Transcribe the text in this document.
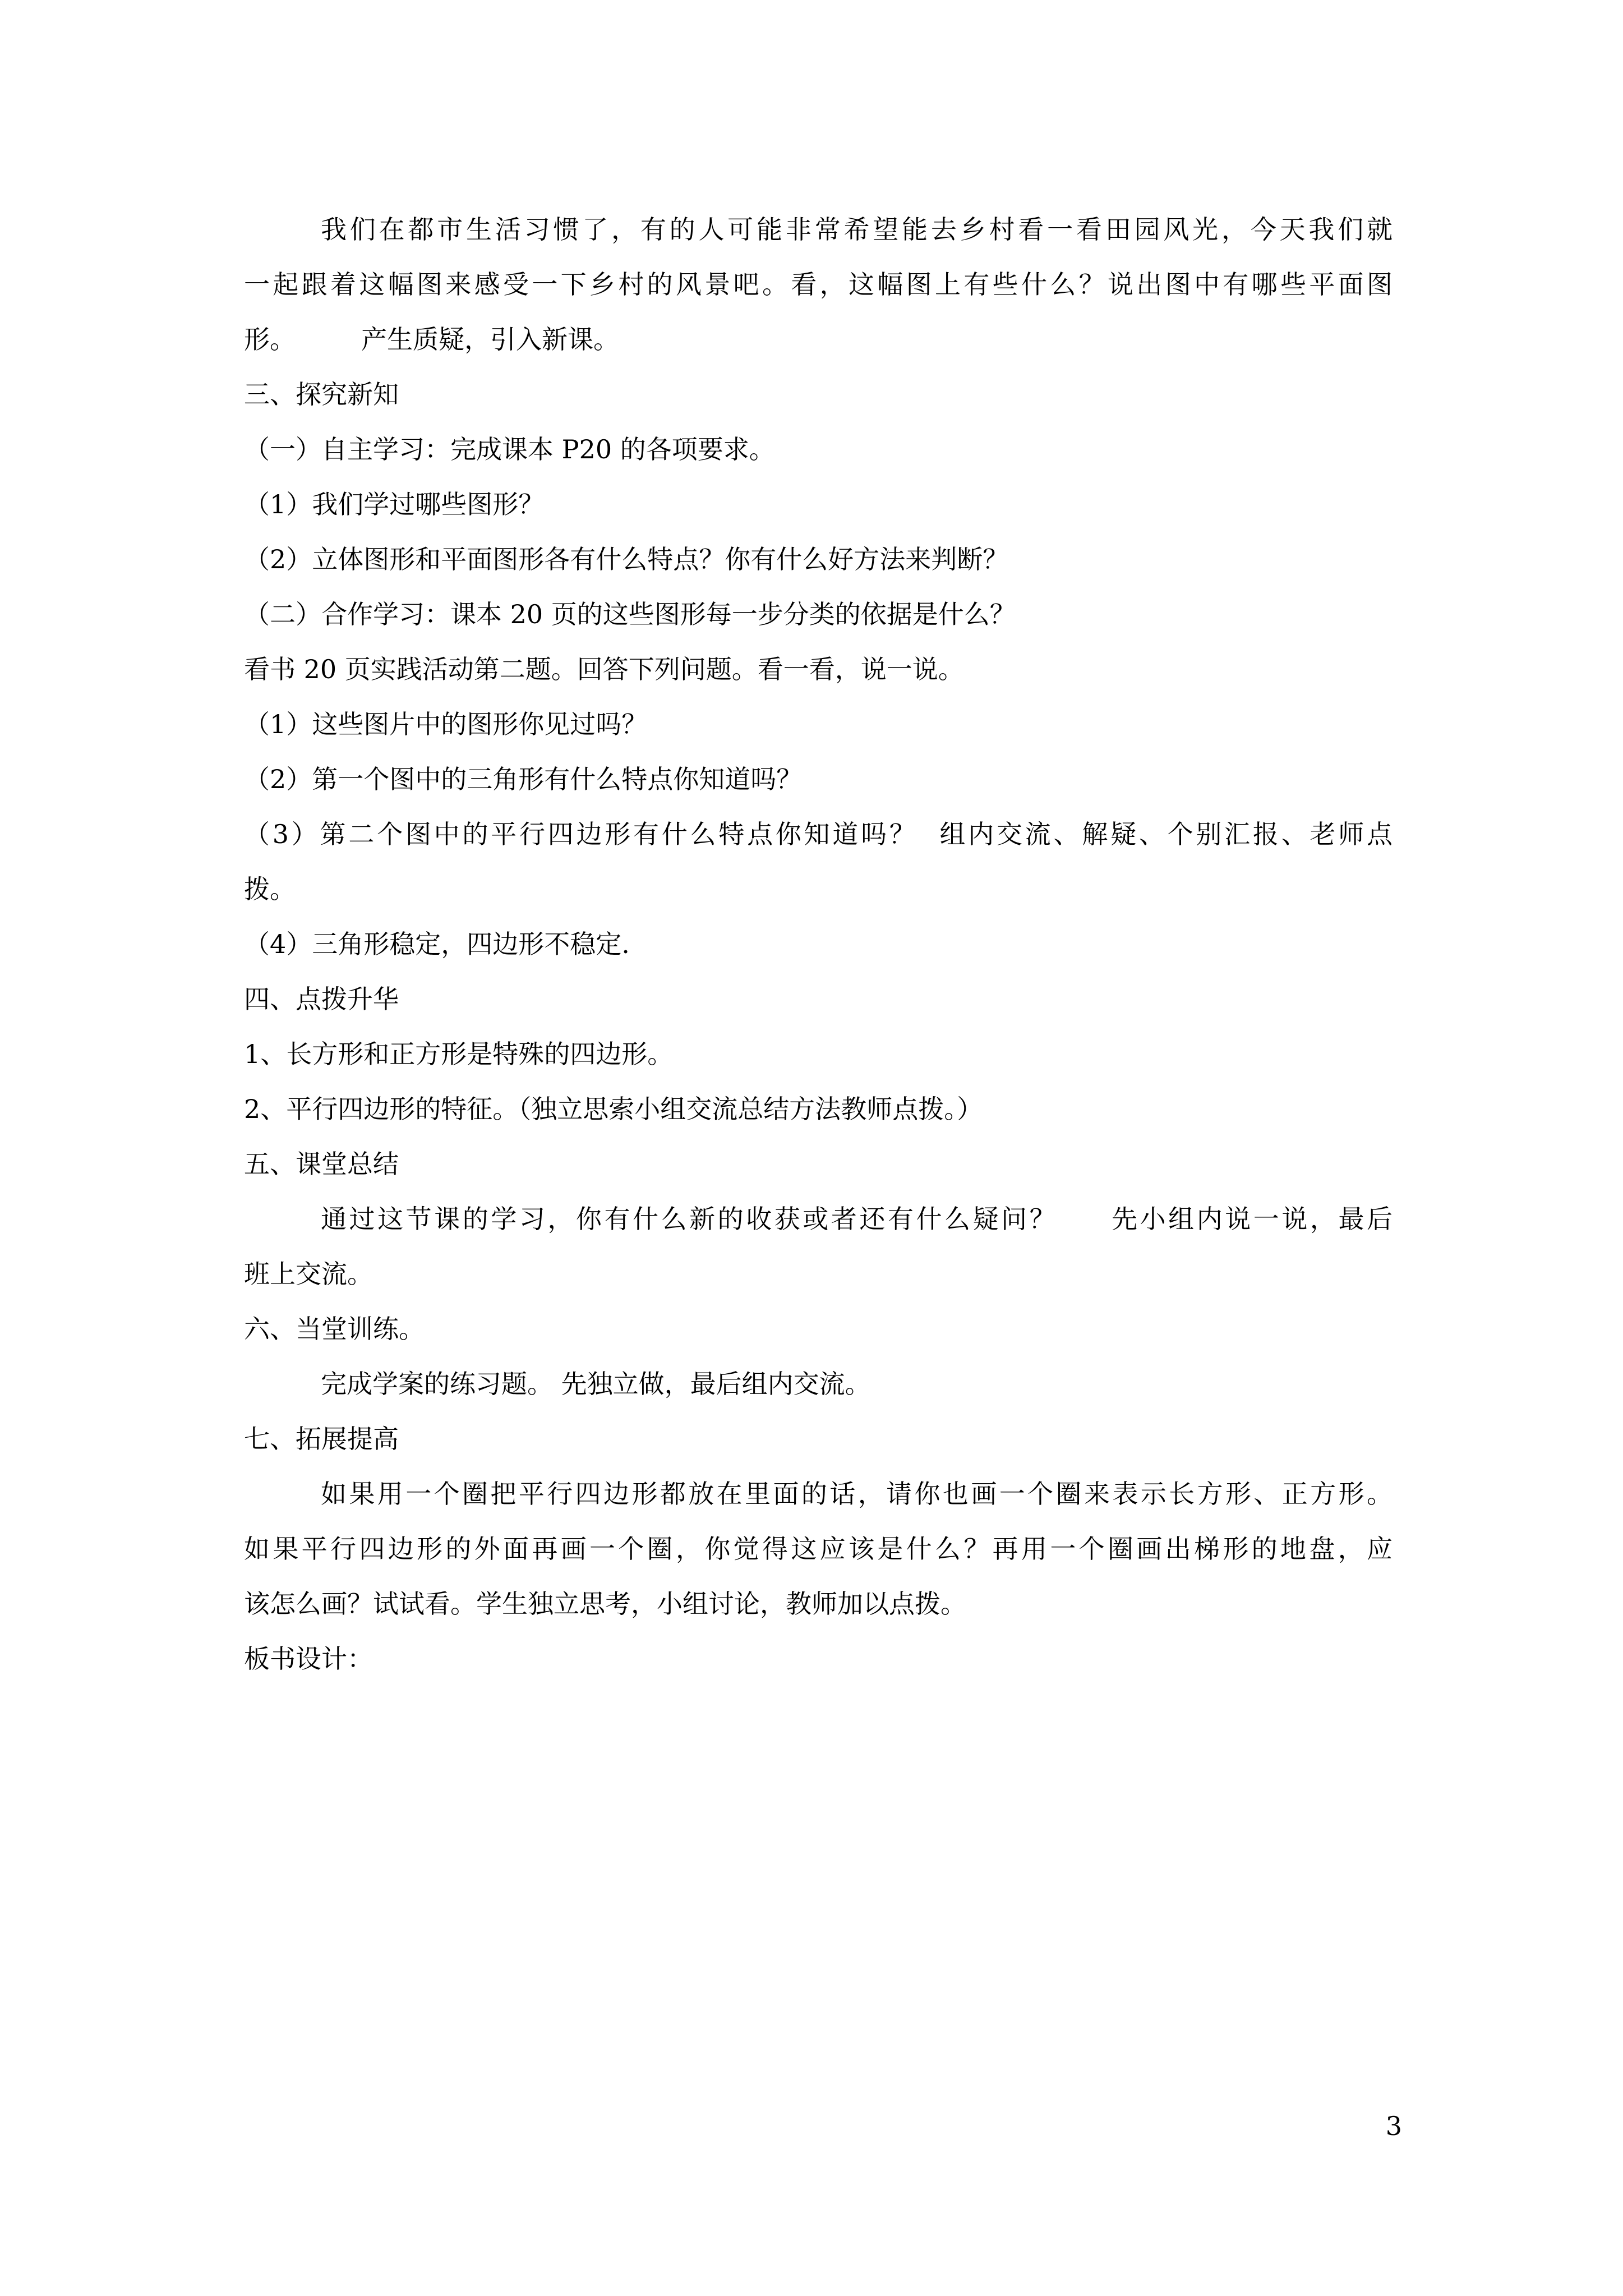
我们在都市生活习惯了，有的人可能非常希望能去乡村看一看田园风光，今天我们就
一起跟着这幅图来感受一下乡村的风景吧。看，这幅图上有些什么？说出图中有哪些平面图
形。        产生质疑，引入新课。
三、探究新知
（一）自主学习：完成课本 P20 的各项要求。
（1）我们学过哪些图形？
（2）立体图形和平面图形各有什么特点？你有什么好方法来判断？
（二）合作学习：课本 20 页的这些图形每一步分类的依据是什么？
看书 20 页实践活动第二题。回答下列问题。看一看，说一说。
（1）这些图片中的图形你见过吗？
（2）第一个图中的三角形有什么特点你知道吗？
（3）第二个图中的平行四边形有什么特点你知道吗？  组内交流、解疑、个别汇报、老师点
拨。
（4）三角形稳定，四边形不稳定.
四、点拨升华
1、长方形和正方形是特殊的四边形。
2、平行四边形的特征。（独立思索小组交流总结方法教师点拨。）
五、课堂总结
通过这节课的学习，你有什么新的收获或者还有什么疑问？     先小组内说一说，最后
班上交流。
六、当堂训练。
完成学案的练习题。 先独立做，最后组内交流。
七、拓展提高
如果用一个圈把平行四边形都放在里面的话，请你也画一个圈来表示长方形、正方形。
如果平行四边形的外面再画一个圈，你觉得这应该是什么？再用一个圈画出梯形的地盘，应
该怎么画？试试看。学生独立思考，小组讨论，教师加以点拨。
板书设计：
3
